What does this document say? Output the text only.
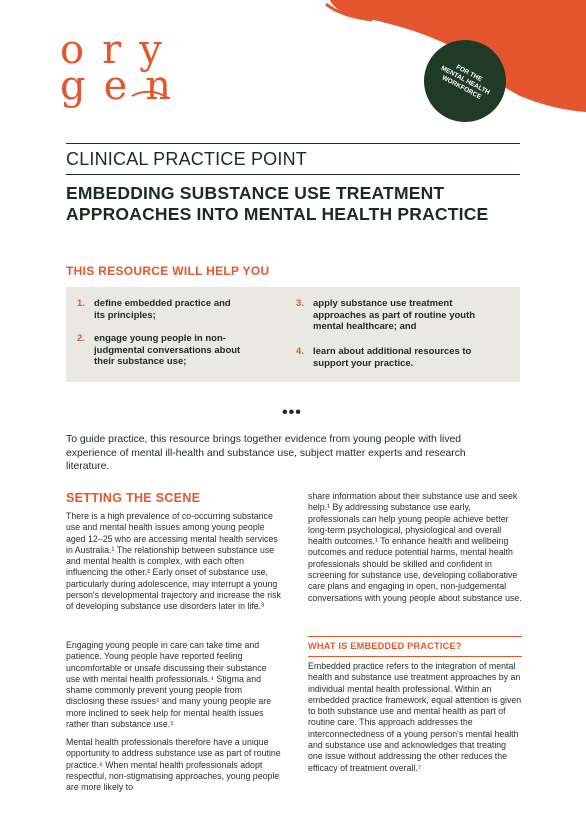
ory
gen	FOR THE MENTAL HEALTH WORKFORCE
CLINICAL PRACTICE POINT
EMBEDDING SUBSTANCE USE TREATMENT
APPROACHES INTO MENTAL HEALTH PRACTICE
THIS RESOURCE WILL HELP YOU
1. define embedded practice and its principles;
2. engage young people in non-judgmental conversations about their substance use;
3. apply substance use treatment approaches as part of routine youth mental healthcare; and
4. learn about additional resources to support your practice.
•••
To guide practice, this resource brings together evidence from young people with lived experience of mental ill-health and substance use, subject matter experts and research literature.
SETTING THE SCENE
There is a high prevalence of co-occurring substance use and mental health issues among young people aged 12–25 who are accessing mental health services in Australia.¹ The relationship between substance use and mental health is complex, with each often influencing the other.² Early onset of substance use, particularly during adolescence, may interrupt a young person's developmental trajectory and increase the risk of developing substance use disorders later in life.³
Engaging young people in care can take time and patience. Young people have reported feeling uncomfortable or unsafe discussing their substance use with mental health professionals.⁴ Stigma and shame commonly prevent young people from disclosing these issues⁵ and many young people are more inclined to seek help for mental health issues rather than substance use.⁵
Mental health professionals therefore have a unique opportunity to address substance use as part of routine practice.⁶ When mental health professionals adopt respectful, non-stigmatising approaches, young people are more likely to
share information about their substance use and seek help.¹ By addressing substance use early, professionals can help young people achieve better long-term psychological, physiological and overall health outcomes.¹ To enhance health and wellbeing outcomes and reduce potential harms, mental health professionals should be skilled and confident in screening for substance use, developing collaborative care plans and engaging in open, non-judgemental conversations with young people about substance use.
WHAT IS EMBEDDED PRACTICE?
Embedded practice refers to the integration of mental health and substance use treatment approaches by an individual mental health professional. Within an embedded practice framework, equal attention is given to both substance use and mental health as part of routine care. This approach addresses the interconnectedness of a young person's mental health and substance use and acknowledges that treating one issue without addressing the other reduces the efficacy of treatment overall.⁷
